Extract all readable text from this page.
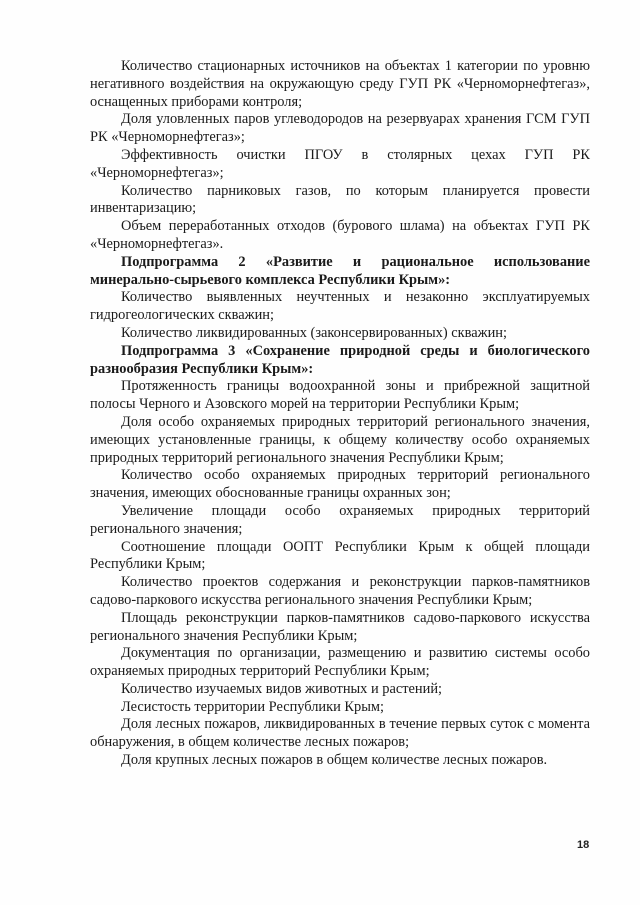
Количество стационарных источников на объектах 1 категории по уровню негативного воздействия на окружающую среду ГУП РК «Черноморнефтегаз», оснащенных приборами контроля;

Доля уловленных паров углеводородов на резервуарах хранения ГСМ ГУП РК «Черноморнефтегаз»;

Эффективность очистки ПГОУ в столярных цехах ГУП РК «Черноморнефтегаз»;

Количество парниковых газов, по которым планируется провести инвентаризацию;

Объем переработанных отходов (бурового шлама) на объектах ГУП РК «Черноморнефтегаз».

Подпрограмма 2 «Развитие и рациональное использование минерально-сырьевого комплекса Республики Крым»:

Количество выявленных неучтенных и незаконно эксплуатируемых гидрогеологических скважин;

Количество ликвидированных (законсервированных) скважин;

Подпрограмма 3 «Сохранение природной среды и биологического разнообразия Республики Крым»:

Протяженность границы водоохранной зоны и прибрежной защитной полосы Черного и Азовского морей на территории Республики Крым;

Доля особо охраняемых природных территорий регионального значения, имеющих установленные границы, к общему количеству особо охраняемых природных территорий регионального значения Республики Крым;

Количество особо охраняемых природных территорий регионального значения, имеющих обоснованные границы охранных зон;

Увеличение площади особо охраняемых природных территорий регионального значения;

Соотношение площади ООПТ Республики Крым к общей площади Республики Крым;

Количество проектов содержания и реконструкции парков-памятников садово-паркового искусства регионального значения Республики Крым;

Площадь реконструкции парков-памятников садово-паркового искусства регионального значения Республики Крым;

Документация по организации, размещению и развитию системы особо охраняемых природных территорий Республики Крым;

Количество изучаемых видов животных и растений;

Лесистость территории Республики Крым;

Доля лесных пожаров, ликвидированных в течение первых суток с момента обнаружения, в общем количестве лесных пожаров;

Доля крупных лесных пожаров в общем количестве лесных пожаров.

18
